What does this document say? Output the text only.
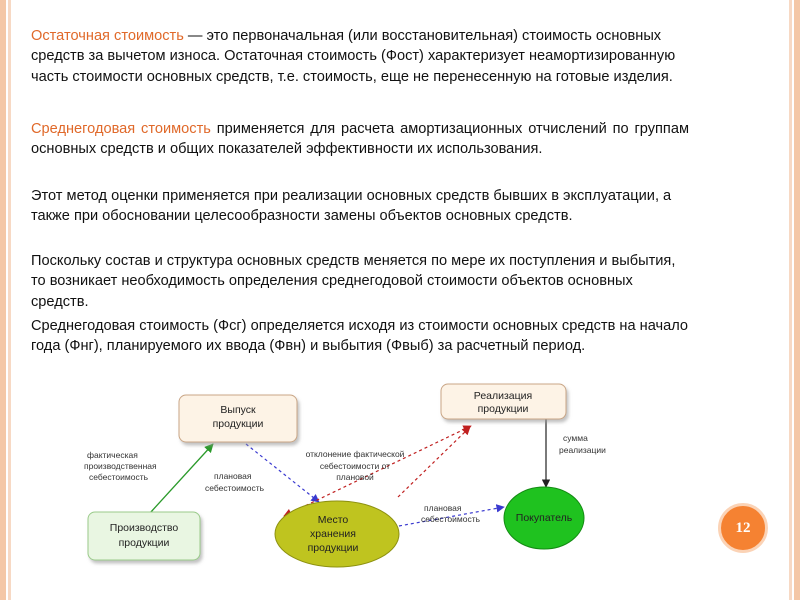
Остаточная стоимость — это первоначальная (или восстановительная) стоимость основных средств за вычетом износа. Остаточная стоимость (Фост) характеризует неамортизированную часть стоимости основных средств, т.е. стоимость, еще не перенесенную на готовые изделия.
Среднегодовая стоимость применяется для расчета амортизационных отчислений по группам основных средств и общих показателей эффективности их использования.
Этот метод оценки применяется при реализации основных средств бывших в эксплуатации, а также при обосновании целесообразности замены объектов основных средств.
Поскольку состав и структура основных средств меняется по мере их поступления и выбытия, то возникает необходимость определения среднегодовой стоимости объектов основных средств.
Среднегодовая стоимость (Фсг) определяется исходя из стоимости основных средств на начало года (Фнг), планируемого их ввода (Фвн) и выбытия (Фвыб) за расчетный период.
Выпуск
продукции
Реализация
продукции
Производство
продукции
Место
хранения
продукции
Покупатель
фактическая
производственная
себестоимость	плановая
себестоимость
отклонение фактической
себестоимости от
плановой
плановая
себестоимость
сумма
реализации
12
